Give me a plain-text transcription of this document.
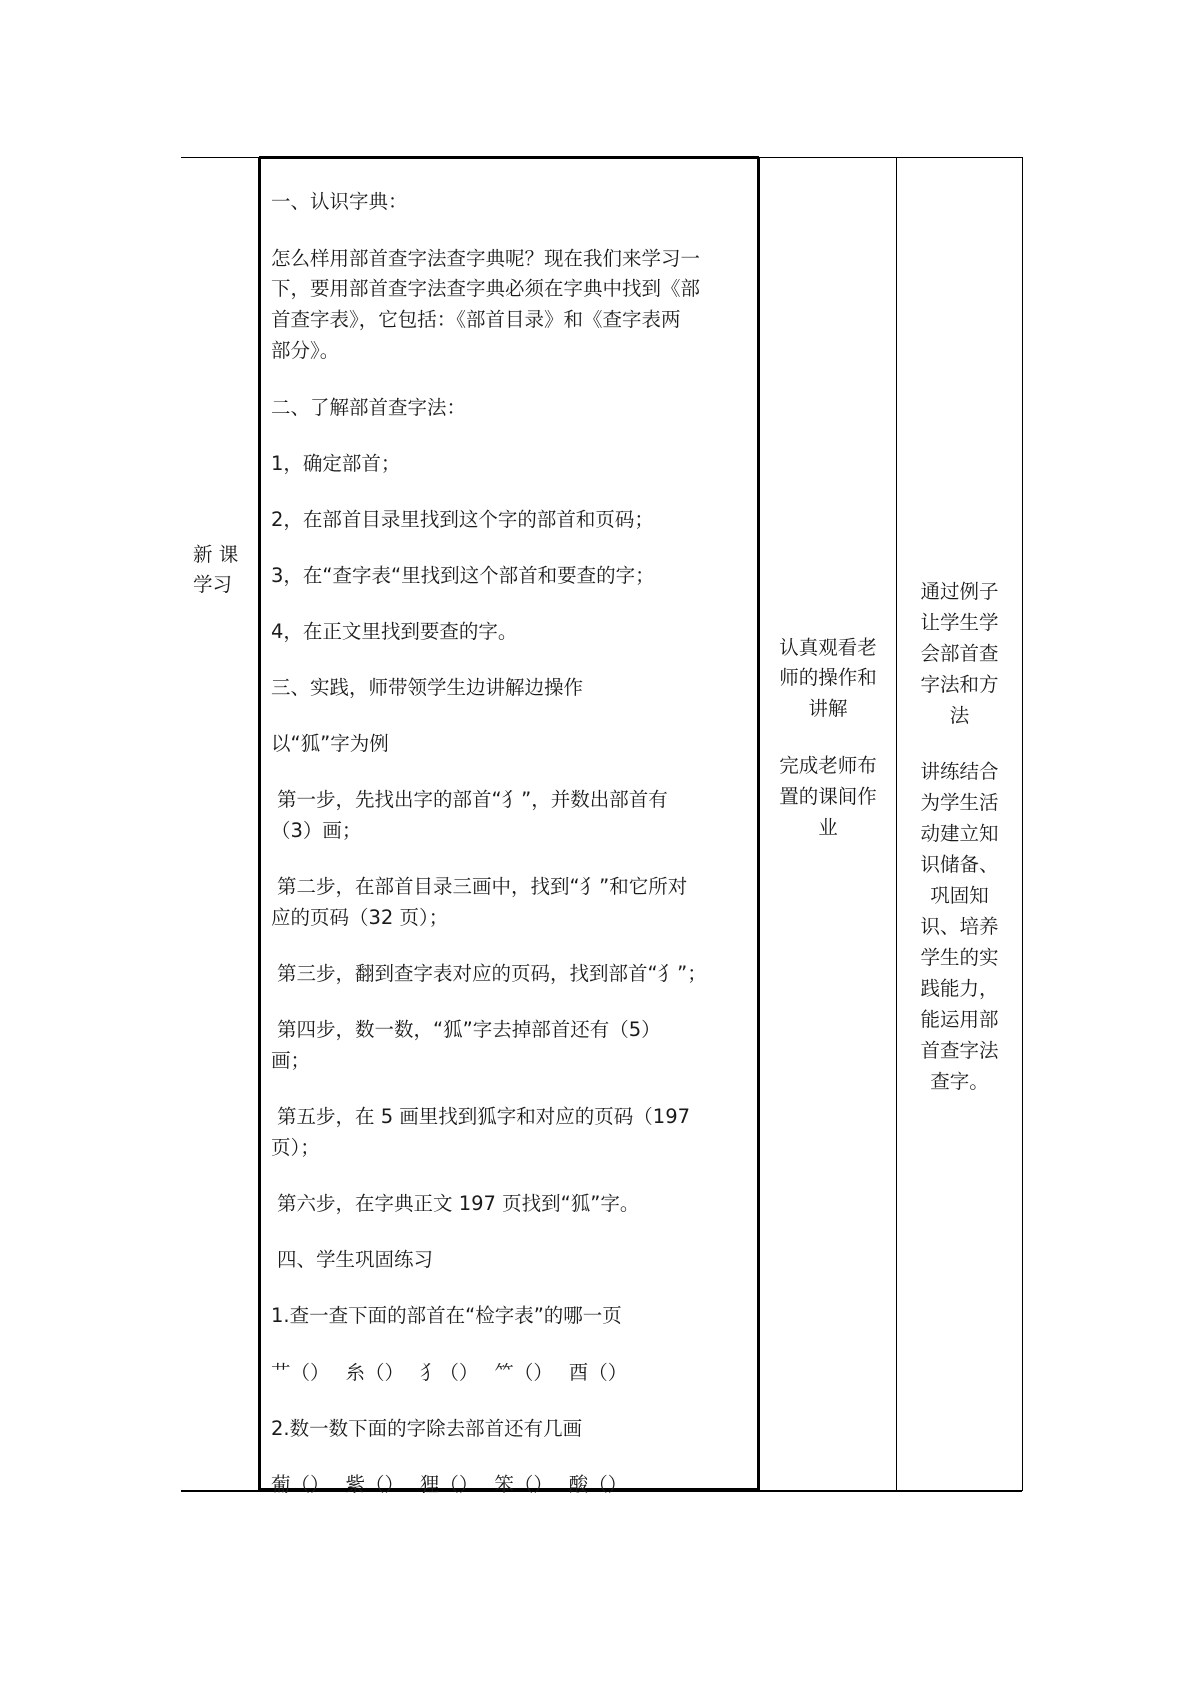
新 课

学习

一、认识字典：

怎么样用部首查字法查字典呢？现在我们来学习一

下，要用部首查字法查字典必须在字典中找到《部

首查字表》，它包括：《部首目录》和《查字表两

部分》。

二、了解部首查字法：

1，确定部首；

2，在部首目录里找到这个字的部首和页码；

3，在“查字表“里找到这个部首和要查的字；

4，在正文里找到要查的字。

三、实践，师带领学生边讲解边操作

以“狐”字为例

第一步，先找出字的部首“犭”，并数出部首有

（3）画；

第二步，在部首目录三画中，找到“犭”和它所对

应的页码（32 页）；

第三步，翻到查字表对应的页码，找到部首“犭”；

第四步，数一数，“狐”字去掉部首还有（5）

画；

第五步，在 5 画里找到狐字和对应的页码（197

页）；

第六步，在字典正文 197 页找到“狐”字。

四、学生巩固练习

1.查一查下面的部首在“检字表”的哪一页

艹（）　 糸（）　 犭（）　 ⺮（）　 酉（）

2.数一数下面的字除去部首还有几画

葡（）　 紫（）　 狸（）　 笨（）　 酸（）

认真观看老

师的操作和

讲解

完成老师布

置的课间作

业

通过例子

让学生学

会部首查

字法和方

法

讲练结合

为学生活

动建立知

识储备、

巩固知

识、培养

学生的实

践能力，

能运用部

首查字法

查字。
